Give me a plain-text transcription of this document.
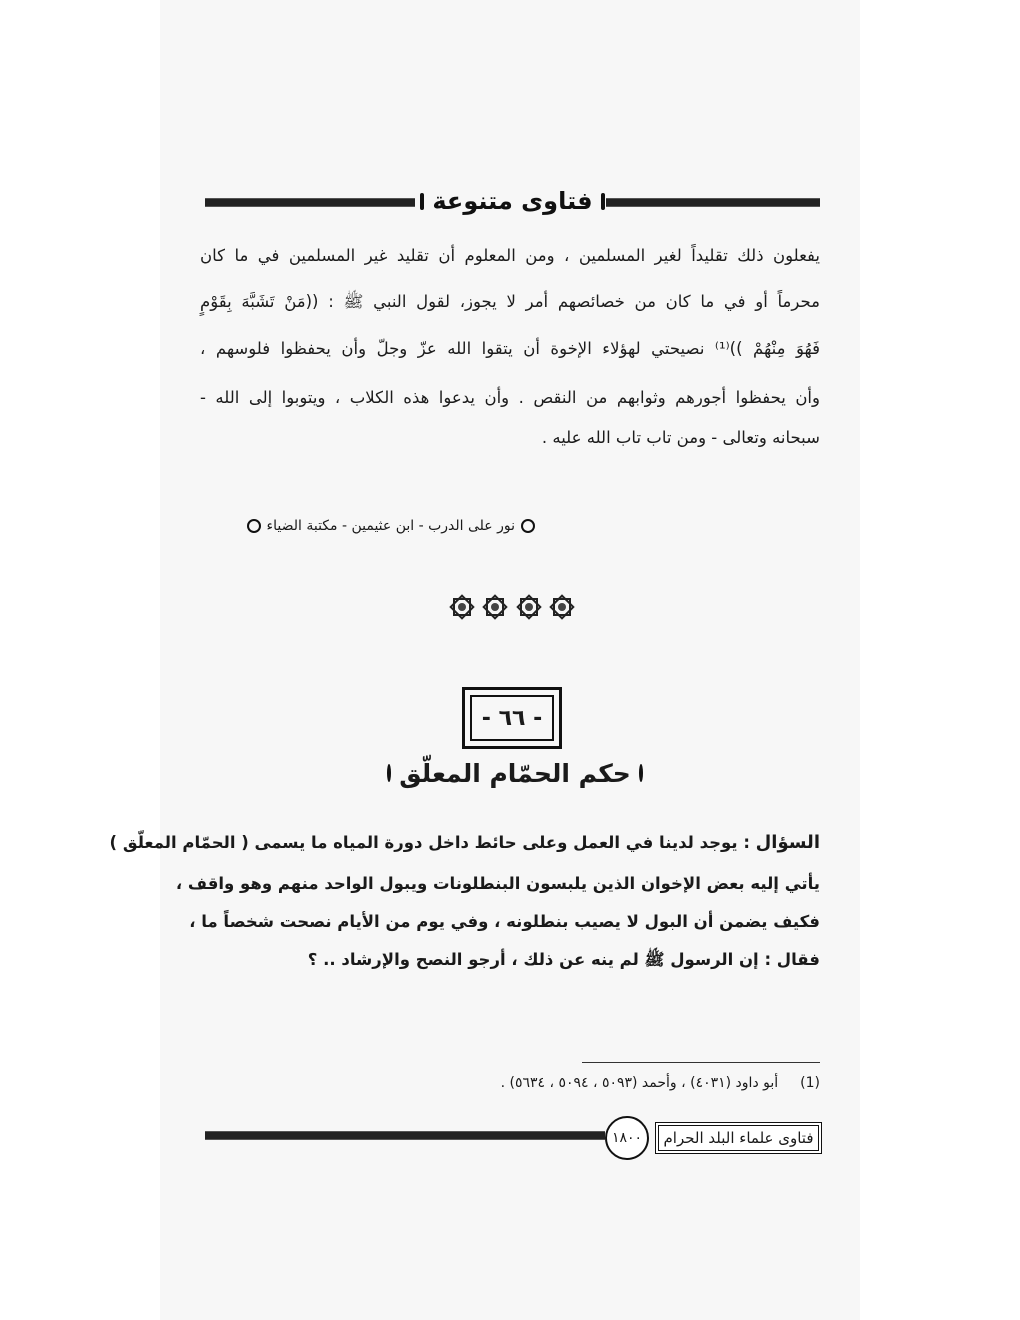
فتاوى متنوعة
يفعلون ذلك تقليداً لغير المسلمين ، ومن المعلوم أن تقليد غير المسلمين في ما كان
محرماً أو في ما كان من خصائصهم أمر لا يجوز، لقول النبي ﷺ : ((مَنْ تَشَبَّهَ بِقَوْمٍ
فَهُوَ مِنْهُمْ ))⁽¹⁾ نصيحتي لهؤلاء الإخوة أن يتقوا الله عزّ وجلّ وأن يحفظوا فلوسهم ،
وأن يحفظوا أجورهم وثوابهم من النقص . وأن يدعوا هذه الكلاب ، ويتوبوا إلى الله -
سبحانه وتعالى - ومن تاب تاب الله عليه .
نور على الدرب - ابن عثيمين - مكتبة الضياء
- ٦٦ -
حكم الحمّام المعلّق
السؤال : يوجد لدينا في العمل وعلى حائط داخل دورة المياه ما يسمى ( الحمّام المعلّق )
يأتي إليه بعض الإخوان الذين يلبسون البنطلونات ويبول الواحد منهم وهو واقف ،
فكيف يضمن أن البول لا يصيب بنطلونه ، وفي يوم من الأيام نصحت شخصاً ما ،
فقال : إن الرسول ﷺ لم ينه عن ذلك ، أرجو النصح والإرشاد .. ؟
(1)
أبو داود (٤٠٣١) ، وأحمد (٥٠٩٣ ، ٥٠٩٤ ، ٥٦٣٤) .
١٨٠٠	فتاوى علماء البلد الحرام
